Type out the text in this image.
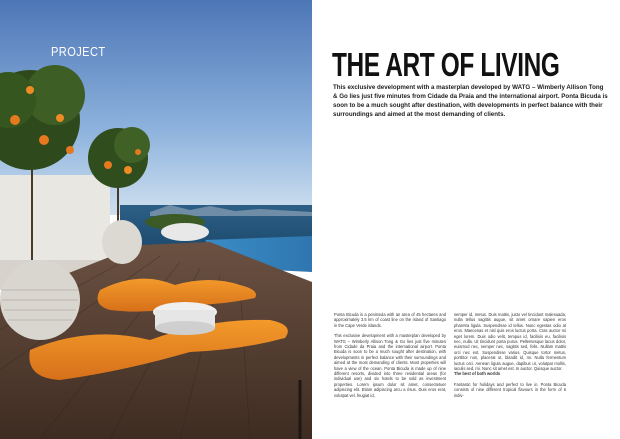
PROJECT	THE ART OF LIVING
This exclusive development with a masterplan developed by WATG – Wimberly Allison Tong & Go lies just five minutes from Cidade da Praia and the international airport. Ponta Bicuda is soon to be a much sought after destination, with developments in perfect balance with their surroundings and aimed at the most demanding of clients.

Ponta Bicuda is a peninsula with an area of 45 hectares and approximately 3.5 km of coast line on the island of Santiago in the Cape Verde islands.

This exclusive development with a masterplan developed by WATG – Wimberly Allison Tong & Go lies just five minutes from Cidade da Praia and the international airport. Ponta Bicuda is soon to be a much sought after destination, with developments in perfect balance with their surroundings and aimed at the most demanding of clients. Most properties will have a view of the ocean. Ponta Bicuda is made up of nine different resorts, divided into three residential areas (for individual use) and six hotels to be sold as investment properties. Lorem ipsum dolor sit amet, consectetuer adipiscing elit. Etiam adipiscing arcu a risus. Duis eros erat, volutpat vel, feugiat id,

semper id, metus. Duis mattis, justo vel tincidunt malesuada, nulla tellus sagittis augue, sit amet ornare sapien eros pharetra ligula. Suspendisse id tellus. Nunc egestas odio at eros. Maecenas et nisl quis eros luctus porta. Cras auctor mi eget lorem. Duis odio velit, tempus id, facilisis eu, facilisis nec, nulla. Ut tincidunt porta purus. Pellentesque lacus dolor, euismod nec, semper nec, sagittis sed, felis. Nullam mattis orci nec est. Suspendisse varius. Quisque tortor metus, porttitor non, placerat ut, blandit id, mi. Nulla fermentum luctus orci. Aenean ligula augue, dapibus ut, volutpat mollis, iaculis sed, mi. Nunc sit amet est. In auctor. Quisque auctor.

The best of both worlds

Fantastic for holidays and perfect to live in. Ponta Bicuda consists of nine different tropical flavours in the form of 6 indiv-
